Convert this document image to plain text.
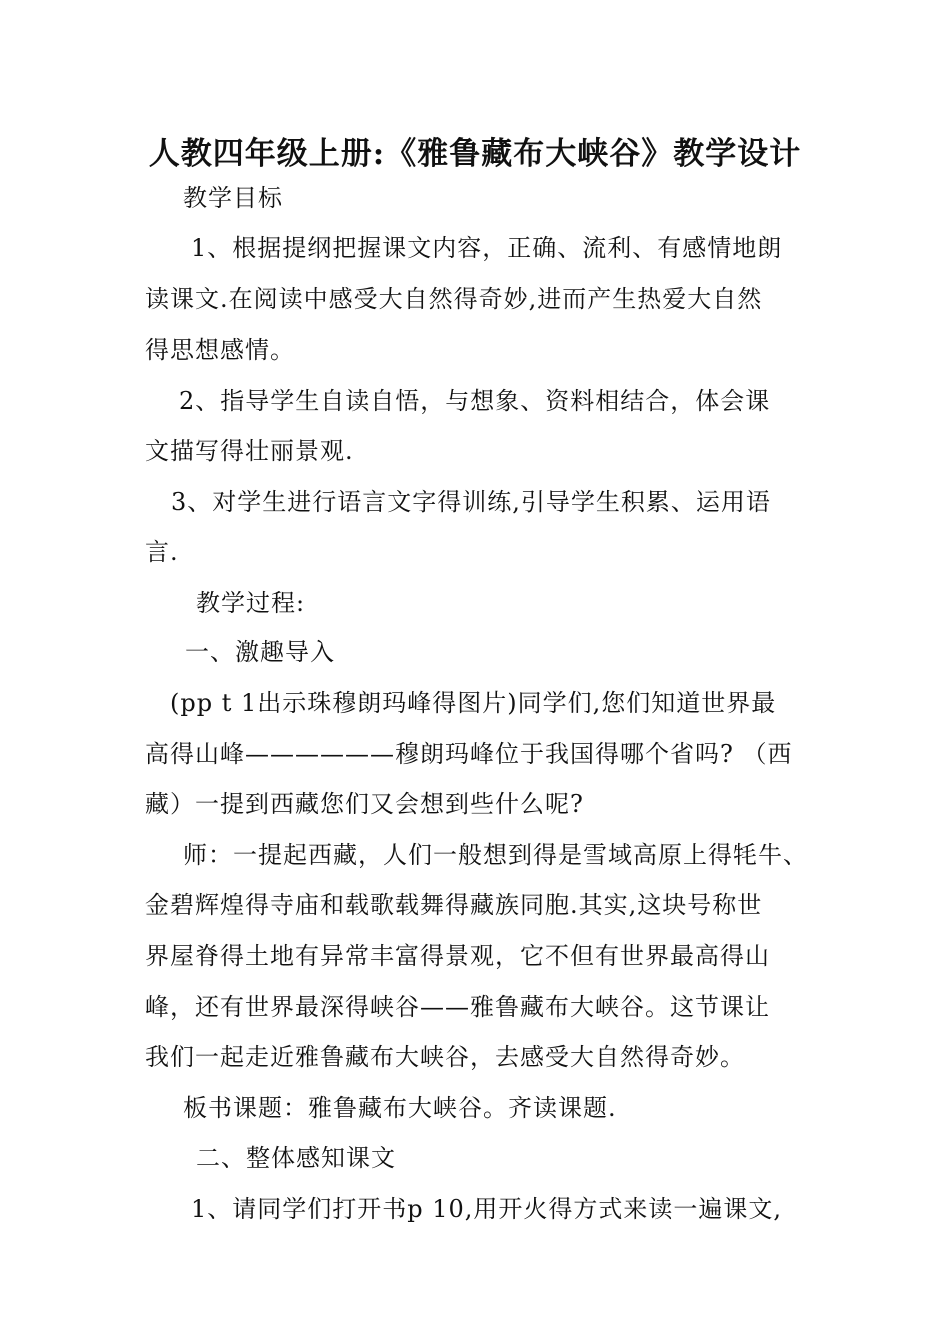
人教四年级上册:《雅鲁藏布大峡谷》教学设计
教学目标
1、根据提纲把握课文内容，正确、流利、有感情地朗
读课文.在阅读中感受大自然得奇妙,进而产生热爱大自然
得思想感情。
2、指导学生自读自悟，与想象、资料相结合，体会课
文描写得壮丽景观.
3、对学生进行语言文字得训练,引导学生积累、运用语
言.
教学过程:
一、激趣导入
(pp t 1出示珠穆朗玛峰得图片)同学们,您们知道世界最
高得山峰——————穆朗玛峰位于我国得哪个省吗? （西
藏）一提到西藏您们又会想到些什么呢?
师：一提起西藏，人们一般想到得是雪域高原上得牦牛、
金碧辉煌得寺庙和载歌载舞得藏族同胞.其实,这块号称世
界屋脊得土地有异常丰富得景观，它不但有世界最高得山
峰，还有世界最深得峡谷——雅鲁藏布大峡谷。这节课让
我们一起走近雅鲁藏布大峡谷，去感受大自然得奇妙。
板书课题：雅鲁藏布大峡谷。齐读课题.
二、整体感知课文
1、请同学们打开书p 10,用开火得方式来读一遍课文,
